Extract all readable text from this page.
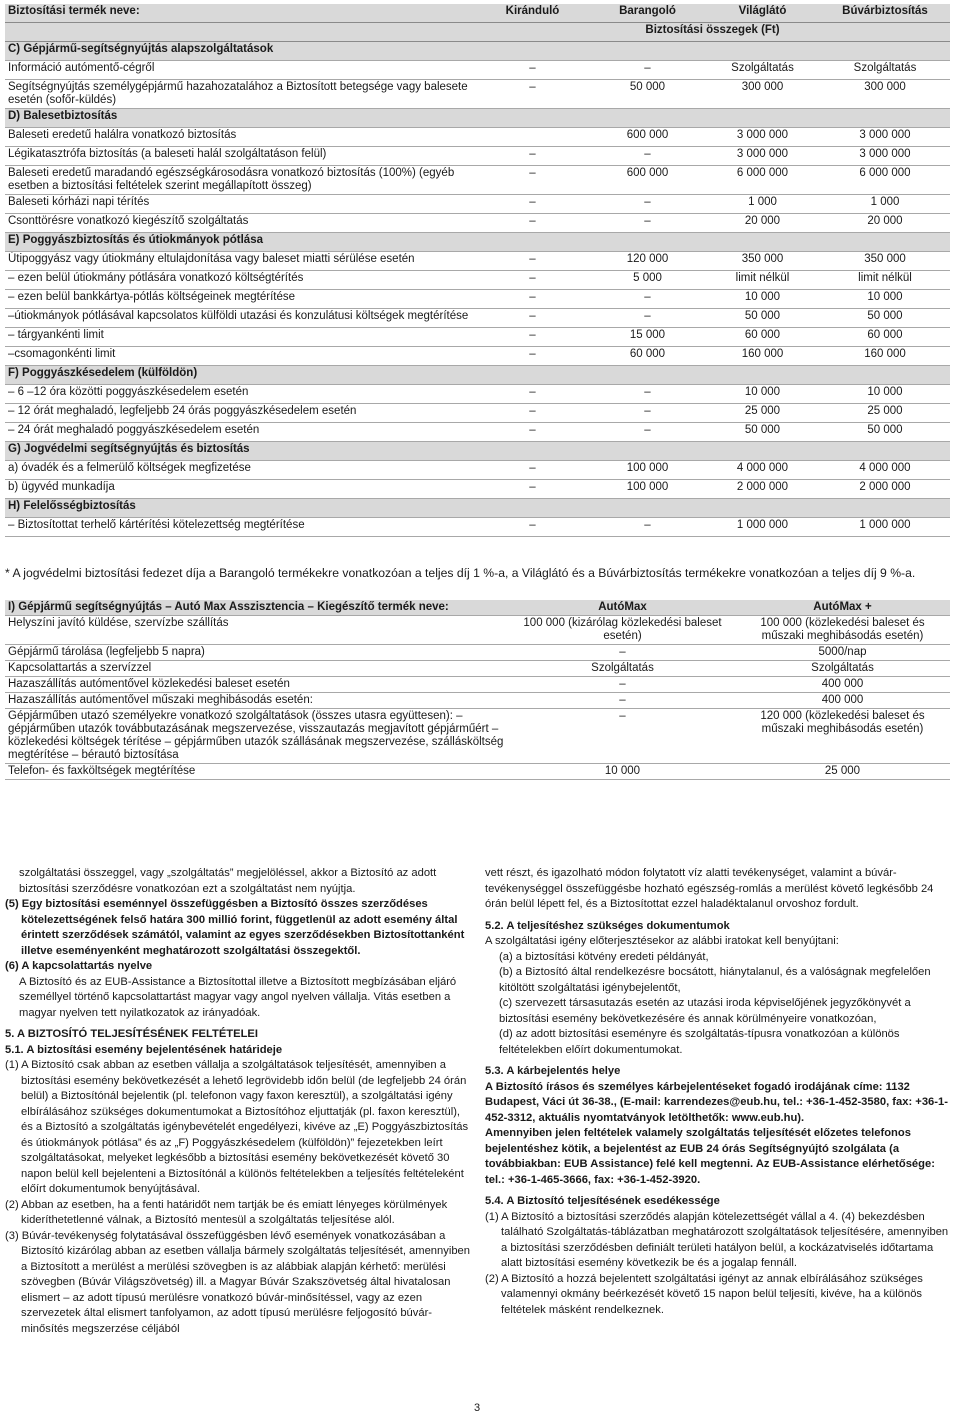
Biztosítási termék neve:	Kiránduló	Barangoló	Világlátó	Búvárbiztosítás
	Biztosítási összegek (Ft)			
C) Gépjármű-segítségnyújtás alapszolgáltatások				
Információ autómentő-cégről	–	–	Szolgáltatás	Szolgáltatás
Segítségnyújtás személygépjármű hazahozatalához a Biztosított betegsége vagy balesete esetén (sofőr-küldés)	–	50 000	300 000	300 000
D) Balesetbiztosítás				
Baleseti eredetű halálra vonatkozó biztosítás		600 000	3 000 000	3 000 000
Légikatasztrófa biztosítás (a baleseti halál szolgáltatáson felül)	–	–	3 000 000	3 000 000
Baleseti eredetű maradandó egészségkárosodásra vonatkozó biztosítás (100%) (egyéb esetben a biztosítási feltételek szerint megállapított összeg)	–	600 000	6 000 000	6 000 000
Baleseti kórházi napi térítés	–	–	1 000	1 000
Csonttörésre vonatkozó kiegészítő szolgáltatás	–	–	20 000	20 000
E) Poggyászbiztosítás és útiokmányok pótlása				
Útipoggyász vagy útiokmány eltulajdonítása vagy baleset miatti sérülése esetén	–	120 000	350 000	350 000
– ezen belül útiokmány pótlására vonatkozó költségtérítés	–	5 000	limit nélkül	limit nélkül
– ezen belül bankkártya-pótlás költségeinek megtérítése	–	–	10 000	10 000
–útiokmányok pótlásával kapcsolatos külföldi utazási és konzulátusi költségek megtérítése	–	–	50 000	50 000
– tárgyankénti limit	–	15 000	60 000	60 000
–csomagonkénti limit	–	60 000	160 000	160 000
F) Poggyászkésedelem (külföldön)				
– 6 –12 óra közötti poggyászkésedelem esetén	–	–	10 000	10 000
– 12 órát meghaladó, legfeljebb 24 órás poggyászkésedelem esetén	–	–	25 000	25 000
– 24 órát meghaladó poggyászkésedelem esetén	–	–	50 000	50 000
G) Jogvédelmi segítségnyújtás és biztosítás				
a) óvadék és a felmerülő költségek megfizetése	–	100 000	4 000 000	4 000 000
b) ügyvéd munkadíja	–	100 000	2 000 000	2 000 000
H) Felelősségbiztosítás				
– Biztosítottat terhelő kártérítési kötelezettség megtérítése	–	–	1 000 000	1 000 000
* A jogvédelmi biztosítási fedezet díja a Barangoló termékekre vonatkozóan a teljes díj 1 %-a, a Világlátó és a Búvárbiztosítás termékekre vonatkozóan a teljes díj 9 %-a.
I) Gépjármű segítségnyújtás – Autó Max Asszisztencia – Kiegészítő termék neve:	AutóMax	AutóMax +
Helyszíni javító küldése, szervízbe szállítás	100 000 (kizárólag közlekedési baleset esetén)	100 000 (közlekedési baleset és műszaki meghibásodás esetén)
Gépjármű tárolása (legfeljebb 5 napra)	–	5000/nap
Kapcsolattartás a szervízzel	Szolgáltatás	Szolgáltatás
Hazaszállítás autómentővel közlekedési baleset esetén	–	400 000
Hazaszállítás autómentővel műszaki meghibásodás esetén:	–	400 000
Gépjárműben utazó személyekre vonatkozó szolgáltatások (összes utasra együttesen): – gépjárműben utazók továbbutazásának megszervezése, visszautazás megjavított gépjárműért – közlekedési költségek térítése – gépjárműben utazók szállásának megszervezése, szállásköltség megtérítése – bérautó biztosítása	–	120 000 (közlekedési baleset és műszaki meghibásodás esetén)
Telefon- és faxköltségek megtérítése	10 000	25 000

szolgáltatási összeggel, vagy „szolgáltatás” megjelöléssel, akkor a Biztosító az adott biztosítási szerződésre vonatkozóan ezt a szolgáltatást nem nyújtja.

(5) Egy biztosítási eseménnyel összefüggésben a Biztosító összes szerződéses kötelezettségének felső határa 300 millió forint, függetlenül az adott esemény által érintett szerződések számától, valamint az egyes szerződésekben Biztosítottanként illetve eseményenként meghatározott szolgáltatási összegektől.

(6) A kapcsolattartás nyelve

A Biztosító és az EUB-Assistance a Biztosítottal illetve a Biztosított megbízásában eljáró személlyel történő kapcsolattartást magyar vagy angol nyelven vállalja. Vitás esetben a magyar nyelven tett nyilatkozatok az irányadóak.

5. A BIZTOSÍTÓ TELJESÍTÉSÉNEK FELTÉTELEI

5.1. A biztosítási esemény bejelentésének határideje

(1) A Biztosító csak abban az esetben vállalja a szolgáltatások teljesítését, amennyiben a biztosítási esemény bekövetkezését a lehető legrövidebb időn belül (de legfeljebb 24 órán belül) a Biztosítónál bejelentik (pl. telefonon vagy faxon keresztül), a szolgáltatási igény elbírálásához szükséges dokumentumokat a Biztosítóhoz eljuttatják (pl. faxon keresztül), és a Biztosító a szolgáltatás igénybevételét engedélyezi, kivéve az „E) Poggyászbiztosítás és útiokmányok pótlása” és az „F) Poggyászkésedelem (külföldön)” fejezetekben leírt szolgáltatásokat, melyeket legkésőbb a biztosítási esemény bekövetkezését követő 30 napon belül kell bejelenteni a Biztosítónál a különös feltételekben a teljesítés feltételeként előírt dokumentumok benyújtásával.

(2) Abban az esetben, ha a fenti határidőt nem tartják be és emiatt lényeges körülmények kideríthetetlenné válnak, a Biztosító mentesül a szolgáltatás teljesítése alól.

(3) Búvár-tevékenység folytatásával összefüggésben lévő események vonatkozásában a Biztosító kizárólag abban az esetben vállalja bármely szolgáltatás teljesítését, amennyiben a Biztosított a merülést a merülési szövegben is az alábbiak alapján kérhető: merülési szövegben (Búvár Világszövetség) ill. a Magyar Búvár Szakszövetség által hivatalosan elismert – az adott típusú merülésre vonatkozó búvár-minősítéssel, vagy az ezen szervezetek által elismert tanfolyamon, az adott típusú merülésre feljogosító búvár-minősítés megszerzése céljából

vett részt, és igazolható módon folytatott víz alatti tevékenységet, valamint a búvár-tevékenységgel összefüggésbe hozható egészség-romlás a merülést követő legkésőbb 24 órán belül lépett fel, és a Biztosítottat ezzel haladéktalanul orvoshoz fordult.

5.2. A teljesítéshez szükséges dokumentumok

A szolgáltatási igény előterjesztésekor az alábbi iratokat kell benyújtani:

(a) a biztosítási kötvény eredeti példányát,

(b) a Biztosító által rendelkezésre bocsátott, hiánytalanul, és a valóságnak megfelelően kitöltött szolgáltatási igénybejelentőt,

(c) szervezett társasutazás esetén az utazási iroda képviselőjének jegyzőkönyvét a biztosítási esemény bekövetkezésére és annak körülményeire vonatkozóan,

(d) az adott biztosítási eseményre és szolgáltatás-típusra vonatkozóan a különös feltételekben előírt dokumentumokat.

5.3. A kárbejelentés helye

A Biztosító írásos és személyes kárbejelentéseket fogadó irodájának címe: 1132 Budapest, Váci út 36-38., (E-mail: karrendezes@eub.hu, tel.: +36-1-452-3580, fax: +36-1-452-3312, aktuális nyomtatványok letölthetők: www.eub.hu).

Amennyiben jelen feltételek valamely szolgáltatás teljesítését előzetes telefonos bejelentéshez kötik, a bejelentést az EUB 24 órás Segítségnyújtó szolgálata (a továbbiakban: EUB Assistance) felé kell megtenni. Az EUB-Assistance elérhetősége: tel.: +36-1-465-3666, fax: +36-1-452-3920.

5.4. A Biztosító teljesítésének esedékessége

(1) A Biztosító a biztosítási szerződés alapján kötelezettségét vállal a 4. (4) bekezdésben található Szolgáltatás-táblázatban meghatározott szolgáltatások teljesítésére, amennyiben a biztosítási szerződésben definiált területi hatályon belül, a kockázatviselés időtartama alatt biztosítási esemény következik be és a jogalap fennáll.

(2) A Biztosító a hozzá bejelentett szolgáltatási igényt az annak elbírálásához szükséges valamennyi okmány beérkezését követő 15 napon belül teljesíti, kivéve, ha a különös feltételek másként rendelkeznek.

3
